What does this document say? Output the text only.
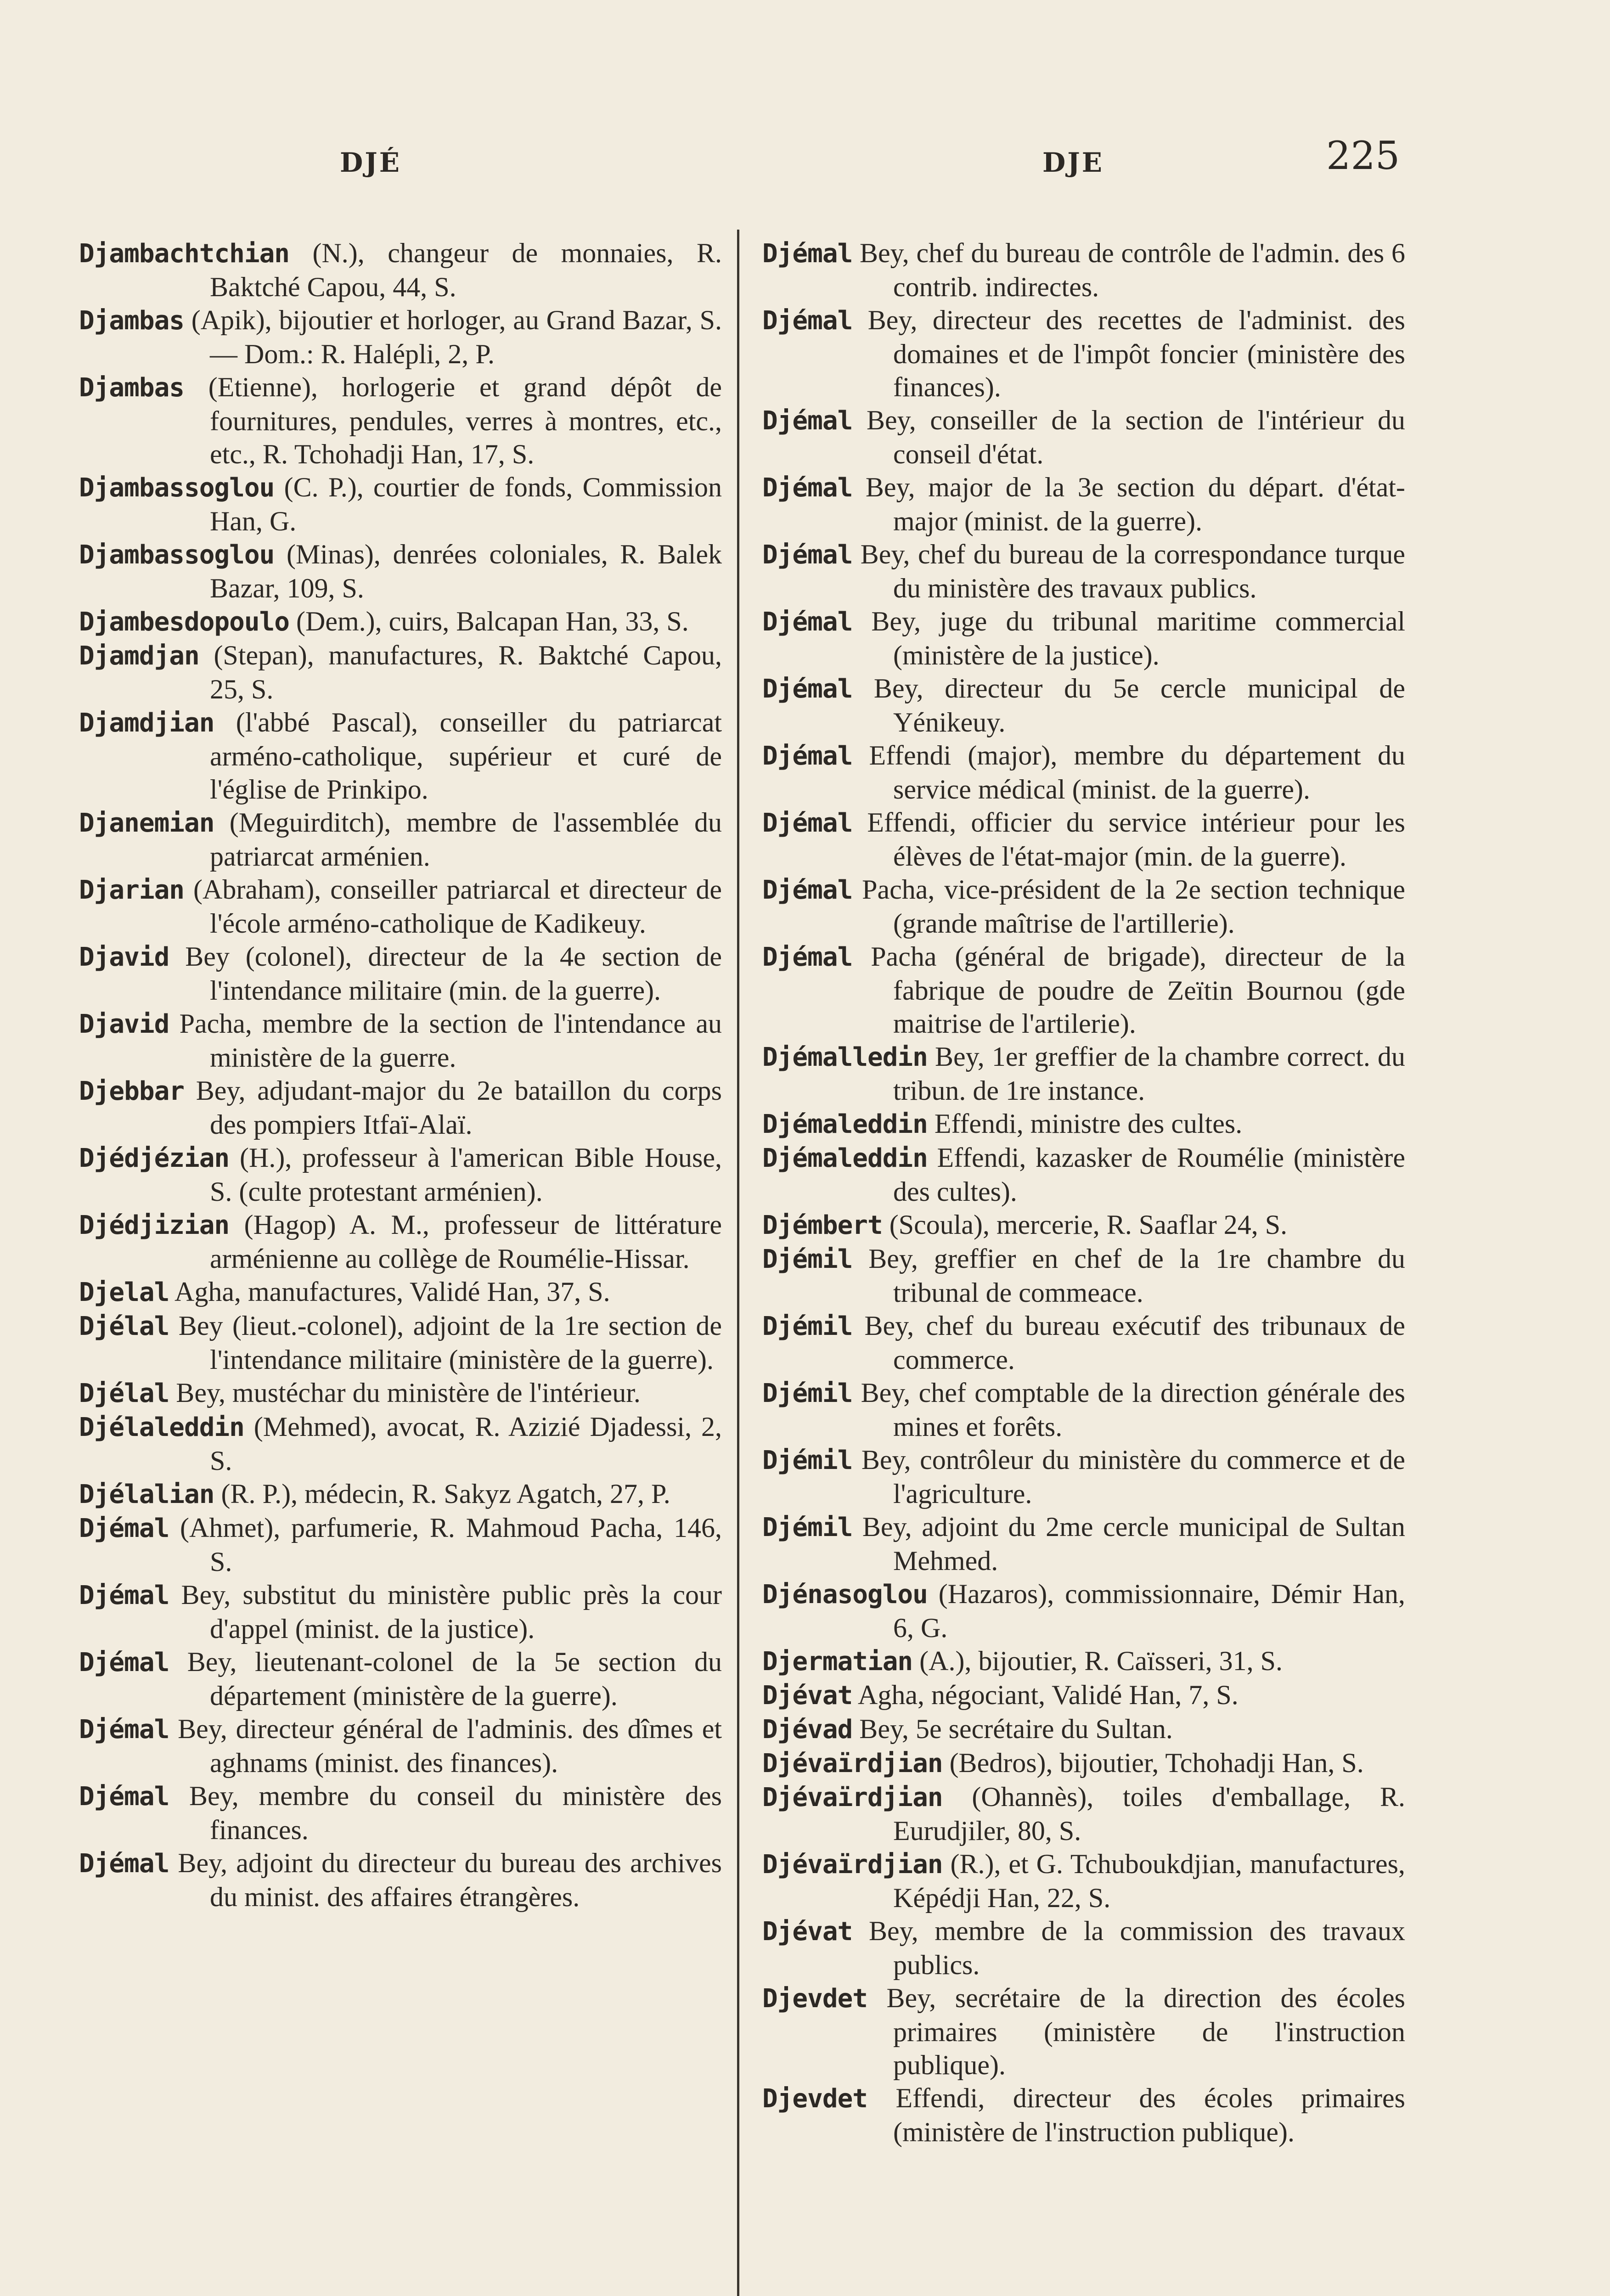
DJÉ	DJE	225

Djambachtchian (N.), changeur de monnaies, R. Baktché Capou, 44, S.

Djambas (Apik), bijoutier et horloger, au Grand Bazar, S. — Dom.: R. Halépli, 2, P.

Djambas (Etienne), horlogerie et grand dépôt de fournitures, pendules, verres à montres, etc., etc., R. Tchohadji Han, 17, S.

Djambassoglou (C. P.), courtier de fonds, Commission Han, G.

Djambassoglou (Minas), denrées coloniales, R. Balek Bazar, 109, S.

Djambesdopoulo (Dem.), cuirs, Balcapan Han, 33, S.

Djamdjan (Stepan), manufactures, R. Baktché Capou, 25, S.

Djamdjian (l'abbé Pascal), conseiller du patriarcat arméno-catholique, supérieur et curé de l'église de Prinkipo.

Djanemian (Meguirditch), membre de l'assemblée du patriarcat arménien.

Djarian (Abraham), conseiller patriarcal et directeur de l'école arméno-catholique de Kadikeuy.

Djavid Bey (colonel), directeur de la 4e section de l'intendance militaire (min. de la guerre).

Djavid Pacha, membre de la section de l'intendance au ministère de la guerre.

Djebbar Bey, adjudant-major du 2e bataillon du corps des pompiers Itfaï-Alaï.

Djédjézian (H.), professeur à l'american Bible House, S. (culte protestant arménien).

Djédjizian (Hagop) A. M., professeur de littérature arménienne au collège de Roumélie-Hissar.

Djelal Agha, manufactures, Validé Han, 37, S.

Djélal Bey (lieut.-colonel), adjoint de la 1re section de l'intendance militaire (ministère de la guerre).

Djélal Bey, mustéchar du ministère de l'intérieur.

Djélaleddin (Mehmed), avocat, R. Azizié Djadessi, 2, S.

Djélalian (R. P.), médecin, R. Sakyz Agatch, 27, P.

Djémal (Ahmet), parfumerie, R. Mahmoud Pacha, 146, S.

Djémal Bey, substitut du ministère public près la cour d'appel (minist. de la justice).

Djémal Bey, lieutenant-colonel de la 5e section du département (ministère de la guerre).

Djémal Bey, directeur général de l'adminis. des dîmes et aghnams (minist. des finances).

Djémal Bey, membre du conseil du ministère des finances.

Djémal Bey, adjoint du directeur du bureau des archives du minist. des affaires étrangères.

Djémal Bey, chef du bureau de contrôle de l'admin. des 6 contrib. indirectes.

Djémal Bey, directeur des recettes de l'administ. des domaines et de l'impôt foncier (ministère des finances).

Djémal Bey, conseiller de la section de l'intérieur du conseil d'état.

Djémal Bey, major de la 3e section du départ. d'état-major (minist. de la guerre).

Djémal Bey, chef du bureau de la correspondance turque du ministère des travaux publics.

Djémal Bey, juge du tribunal maritime commercial (ministère de la justice).

Djémal Bey, directeur du 5e cercle municipal de Yénikeuy.

Djémal Effendi (major), membre du département du service médical (minist. de la guerre).

Djémal Effendi, officier du service intérieur pour les élèves de l'état-major (min. de la guerre).

Djémal Pacha, vice-président de la 2e section technique (grande maîtrise de l'artillerie).

Djémal Pacha (général de brigade), directeur de la fabrique de poudre de Zeïtin Bournou (gde maitrise de l'artilerie).

Djémalledin Bey, 1er greffier de la chambre correct. du tribun. de 1re instance.

Djémaleddin Effendi, ministre des cultes.

Djémaleddin Effendi, kazasker de Roumélie (ministère des cultes).

Djémbert (Scoula), mercerie, R. Saaflar 24, S.

Djémil Bey, greffier en chef de la 1re chambre du tribunal de commeace.

Djémil Bey, chef du bureau exécutif des tribunaux de commerce.

Djémil Bey, chef comptable de la direction générale des mines et forêts.

Djémil Bey, contrôleur du ministère du commerce et de l'agriculture.

Djémil Bey, adjoint du 2me cercle municipal de Sultan Mehmed.

Djénasoglou (Hazaros), commissionnaire, Démir Han, 6, G.

Djermatian (A.), bijoutier, R. Caïsseri, 31, S.

Djévat Agha, négociant, Validé Han, 7, S.

Djévad Bey, 5e secrétaire du Sultan.

Djévaïrdjian (Bedros), bijoutier, Tchohadji Han, S.

Djévaïrdjian (Ohannès), toiles d'emballage, R. Eurudjiler, 80, S.

Djévaïrdjian (R.), et G. Tchuboukdjian, manufactures, Képédji Han, 22, S.

Djévat Bey, membre de la commission des travaux publics.

Djevdet Bey, secrétaire de la direction des écoles primaires (ministère de l'instruction publique).

Djevdet Effendi, directeur des écoles primaires (ministère de l'instruction publique).
